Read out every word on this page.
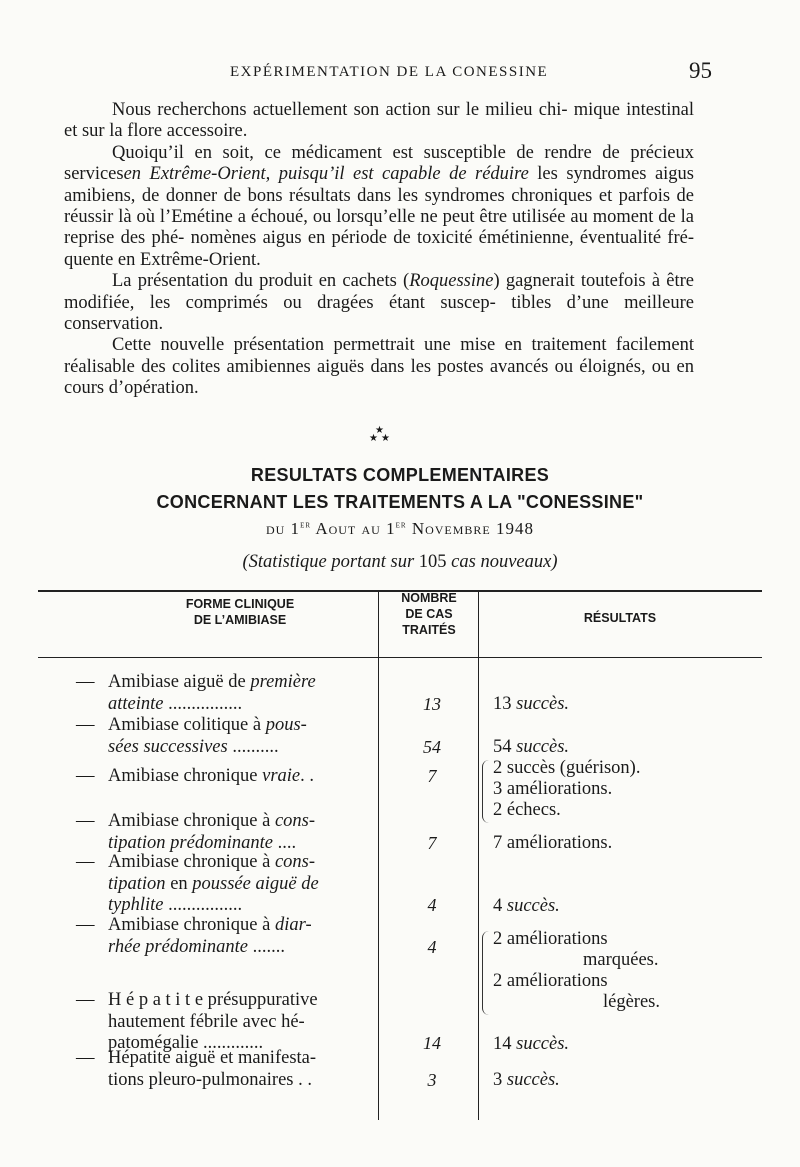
EXPÉRIMENTATION DE LA CONESSINE	95

Nous recherchons actuellement son action sur le milieu chi- mique intestinal et sur la flore accessoire.

Quoiqu’il en soit, ce médicament est susceptible de rendre de précieux servicesen Extrême-Orient, puisqu’il est capable de réduire les syndromes aigus amibiens, de donner de bons résultats dans les syndromes chroniques et parfois de réussir là où l’Emétine a échoué, ou lorsqu’elle ne peut être utilisée au moment de la reprise des phé- nomènes aigus en période de toxicité émétinienne, éventualité fré- quente en Extrême-Orient.

La présentation du produit en cachets (Roquessine) gagnerait toutefois à être modifiée, les comprimés ou dragées étant suscep- tibles d’une meilleure conservation.

Cette nouvelle présentation permettrait une mise en traitement facilement réalisable des colites amibiennes aiguës dans les postes avancés ou éloignés, ou en cours d’opération.

★
★ ★
RESULTATS COMPLEMENTAIRES
CONCERNANT LES TRAITEMENTS A LA "CONESSINE"
du 1er Aout au 1er Novembre 1948
(Statistique portant sur 105 cas nouveaux)
FORME CLINIQUE
DE L’AMIBIASE
NOMBRE
DE CAS
TRAITÉS
RÉSULTATS
— Amibiase aiguë de première
atteinte ................	13	13 succès.
— Amibiase colitique à pous-
sées successives ..........	54	54 succès.
— Amibiase chronique vraie. .	7	2 succès (guérison).
3 améliorations.
2 échecs.
— Amibiase chronique à cons-
tipation prédominante ....	7	7 améliorations.
— Amibiase chronique à cons-
tipation en poussée aiguë de
typhlite ................	4	4 succès.
— Amibiase chronique à diar-
rhée prédominante .......	4	2 améliorations
marquées.
2 améliorations
légères.
— H é p a t i t e présuppurative
hautement fébrile avec hé-
patomégalie .............	14	14 succès.
— Hépatite aiguë et manifesta-
tions pleuro-pulmonaires . .	3	3 succès.
